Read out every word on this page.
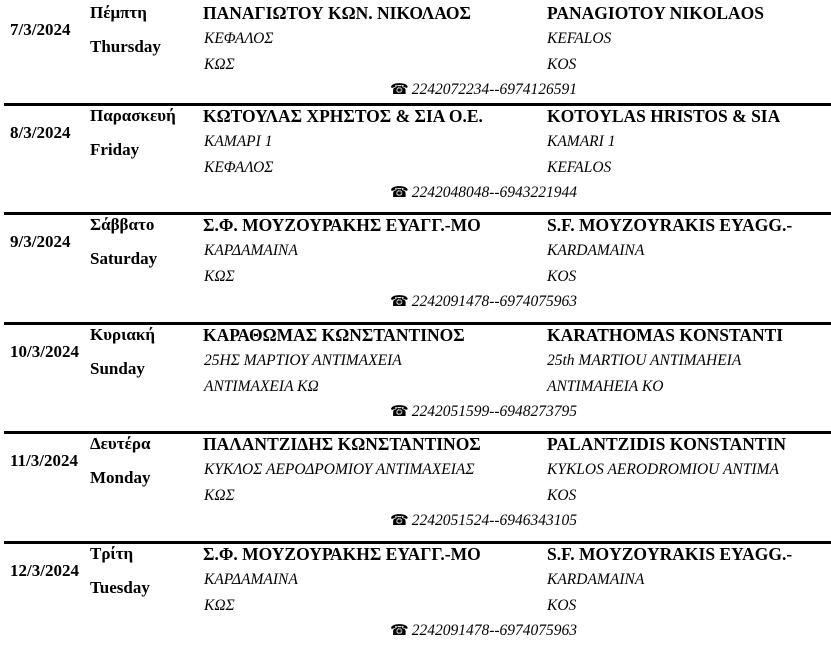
7/3/2024
Πέμπτη
Thursday
ΠΑΝΑΓΙΩΤΟΥ ΚΩΝ. ΝΙΚΟΛΑΟΣ	PANAGIOTOY NIKOLAOS
ΚΕΦΑΛΟΣ
ΚΩΣ
KEFALOS
KOS
☎ 2242072234--6974126591
8/3/2024
Παρασκευή
Friday
ΚΩΤΟΥΛΑΣ ΧΡΗΣΤΟΣ & ΣΙΑ Ο.Ε.	KOTOYLAS HRISTOS & SIA
ΚΑΜΑΡΙ 1
ΚΕΦΑΛΟΣ
KAMARI 1
KEFALOS
☎ 2242048048--6943221944
9/3/2024
Σάββατο
Saturday
Σ.Φ. ΜΟΥΖΟΥΡΑΚΗΣ ΕΥΑΓΓ.-ΜΟ	S.F. MOYZOYRAKIS EYAGG.-
ΚΑΡΔΑΜΑΙΝΑ
ΚΩΣ
KARDAMAINA
KOS
☎ 2242091478--6974075963
10/3/2024
Κυριακή
Sunday
ΚΑΡΑΘΩΜΑΣ ΚΩΝΣΤΑΝΤΙΝΟΣ	KARATHOMAS KONSTANTI
25ΗΣ ΜΑΡΤΙΟΥ ΑΝΤΙΜΑΧΕΙΑ
ΑΝΤΙΜΑΧΕΙΑ ΚΩ
25th MARTIOU ANTIMAHEIA
ANTIMAHEIA KO
☎ 2242051599--6948273795
11/3/2024
Δευτέρα
Monday
ΠΑΛΑΝΤΖΙΔΗΣ ΚΩΝΣΤΑΝΤΙΝΟΣ	PALANTZIDIS KONSTANTIN
ΚΥΚΛΟΣ ΑΕΡΟΔΡΟΜΙΟΥ ΑΝΤΙΜΑΧΕΙΑΣ
ΚΩΣ
KYKLOS AERODROMIOU ANTIMA
KOS
☎ 2242051524--6946343105
12/3/2024
Τρίτη
Tuesday
Σ.Φ. ΜΟΥΖΟΥΡΑΚΗΣ ΕΥΑΓΓ.-ΜΟ	S.F. MOYZOYRAKIS EYAGG.-
ΚΑΡΔΑΜΑΙΝΑ
ΚΩΣ
KARDAMAINA
KOS
☎ 2242091478--6974075963
